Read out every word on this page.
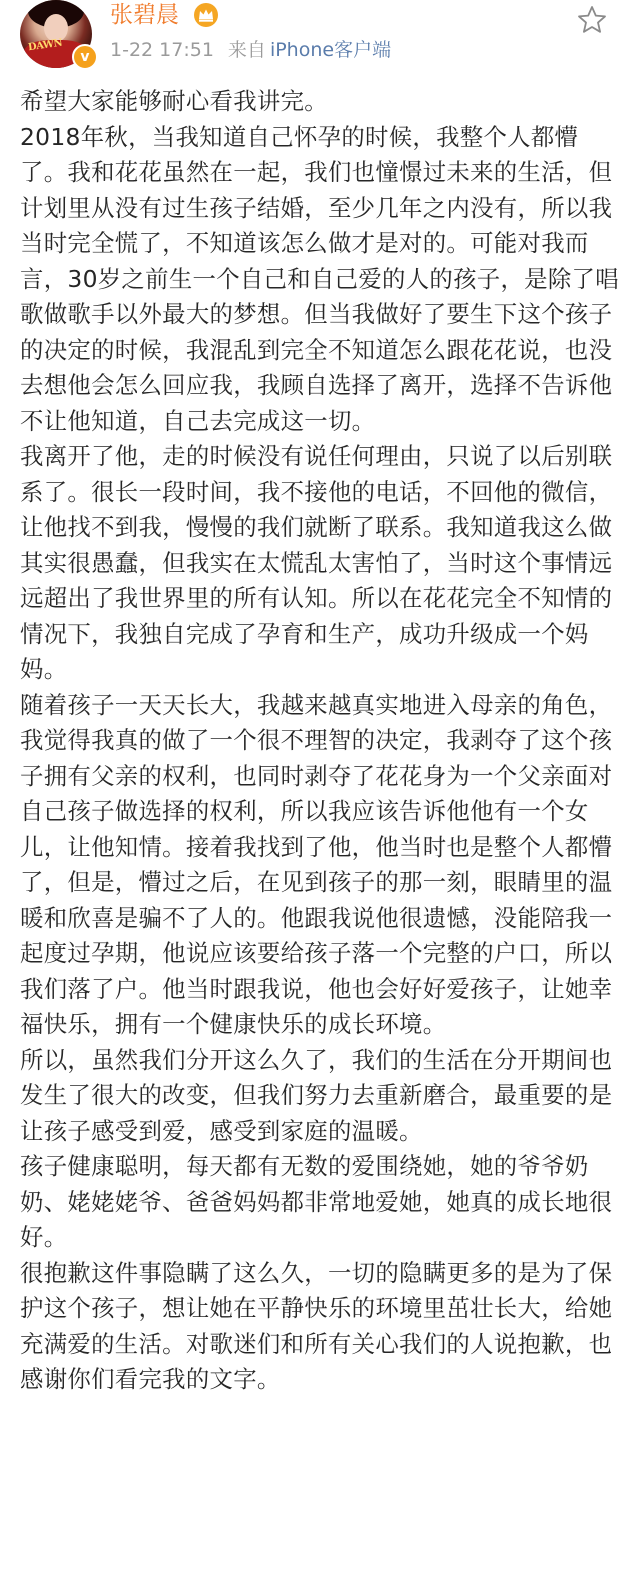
DAWN
v
张碧晨
1-22 17:51 来自 iPhone客户端

希望大家能够耐心看我讲完。

2018年秋，当我知道自己怀孕的时候，我整个人都懵了。我和花花虽然在一起，我们也憧憬过未来的生活，但计划里从没有过生孩子结婚，至少几年之内没有，所以我当时完全慌了，不知道该怎么做才是对的。可能对我而言，30岁之前生一个自己和自己爱的人的孩子，是除了唱歌做歌手以外最大的梦想。但当我做好了要生下这个孩子的决定的时候，我混乱到完全不知道怎么跟花花说，也没去想他会怎么回应我，我顾自选择了离开，选择不告诉他不让他知道，自己去完成这一切。

我离开了他，走的时候没有说任何理由，只说了以后别联系了。很长一段时间，我不接他的电话，不回他的微信，让他找不到我，慢慢的我们就断了联系。我知道我这么做其实很愚蠢，但我实在太慌乱太害怕了，当时这个事情远远超出了我世界里的所有认知。所以在花花完全不知情的情况下，我独自完成了孕育和生产，成功升级成一个妈妈。

随着孩子一天天长大，我越来越真实地进入母亲的角色，我觉得我真的做了一个很不理智的决定，我剥夺了这个孩子拥有父亲的权利，也同时剥夺了花花身为一个父亲面对自己孩子做选择的权利，所以我应该告诉他他有一个女儿，让他知情。接着我找到了他，他当时也是整个人都懵了，但是，懵过之后，在见到孩子的那一刻，眼睛里的温暖和欣喜是骗不了人的。他跟我说他很遗憾，没能陪我一起度过孕期，他说应该要给孩子落一个完整的户口，所以我们落了户。他当时跟我说，他也会好好爱孩子，让她幸福快乐，拥有一个健康快乐的成长环境。

所以，虽然我们分开这么久了，我们的生活在分开期间也发生了很大的改变，但我们努力去重新磨合，最重要的是让孩子感受到爱，感受到家庭的温暖。

孩子健康聪明，每天都有无数的爱围绕她，她的爷爷奶奶、姥姥姥爷、爸爸妈妈都非常地爱她，她真的成长地很好。

很抱歉这件事隐瞒了这么久，一切的隐瞒更多的是为了保护这个孩子，想让她在平静快乐的环境里茁壮长大，给她充满爱的生活。对歌迷们和所有关心我们的人说抱歉，也感谢你们看完我的文字。
